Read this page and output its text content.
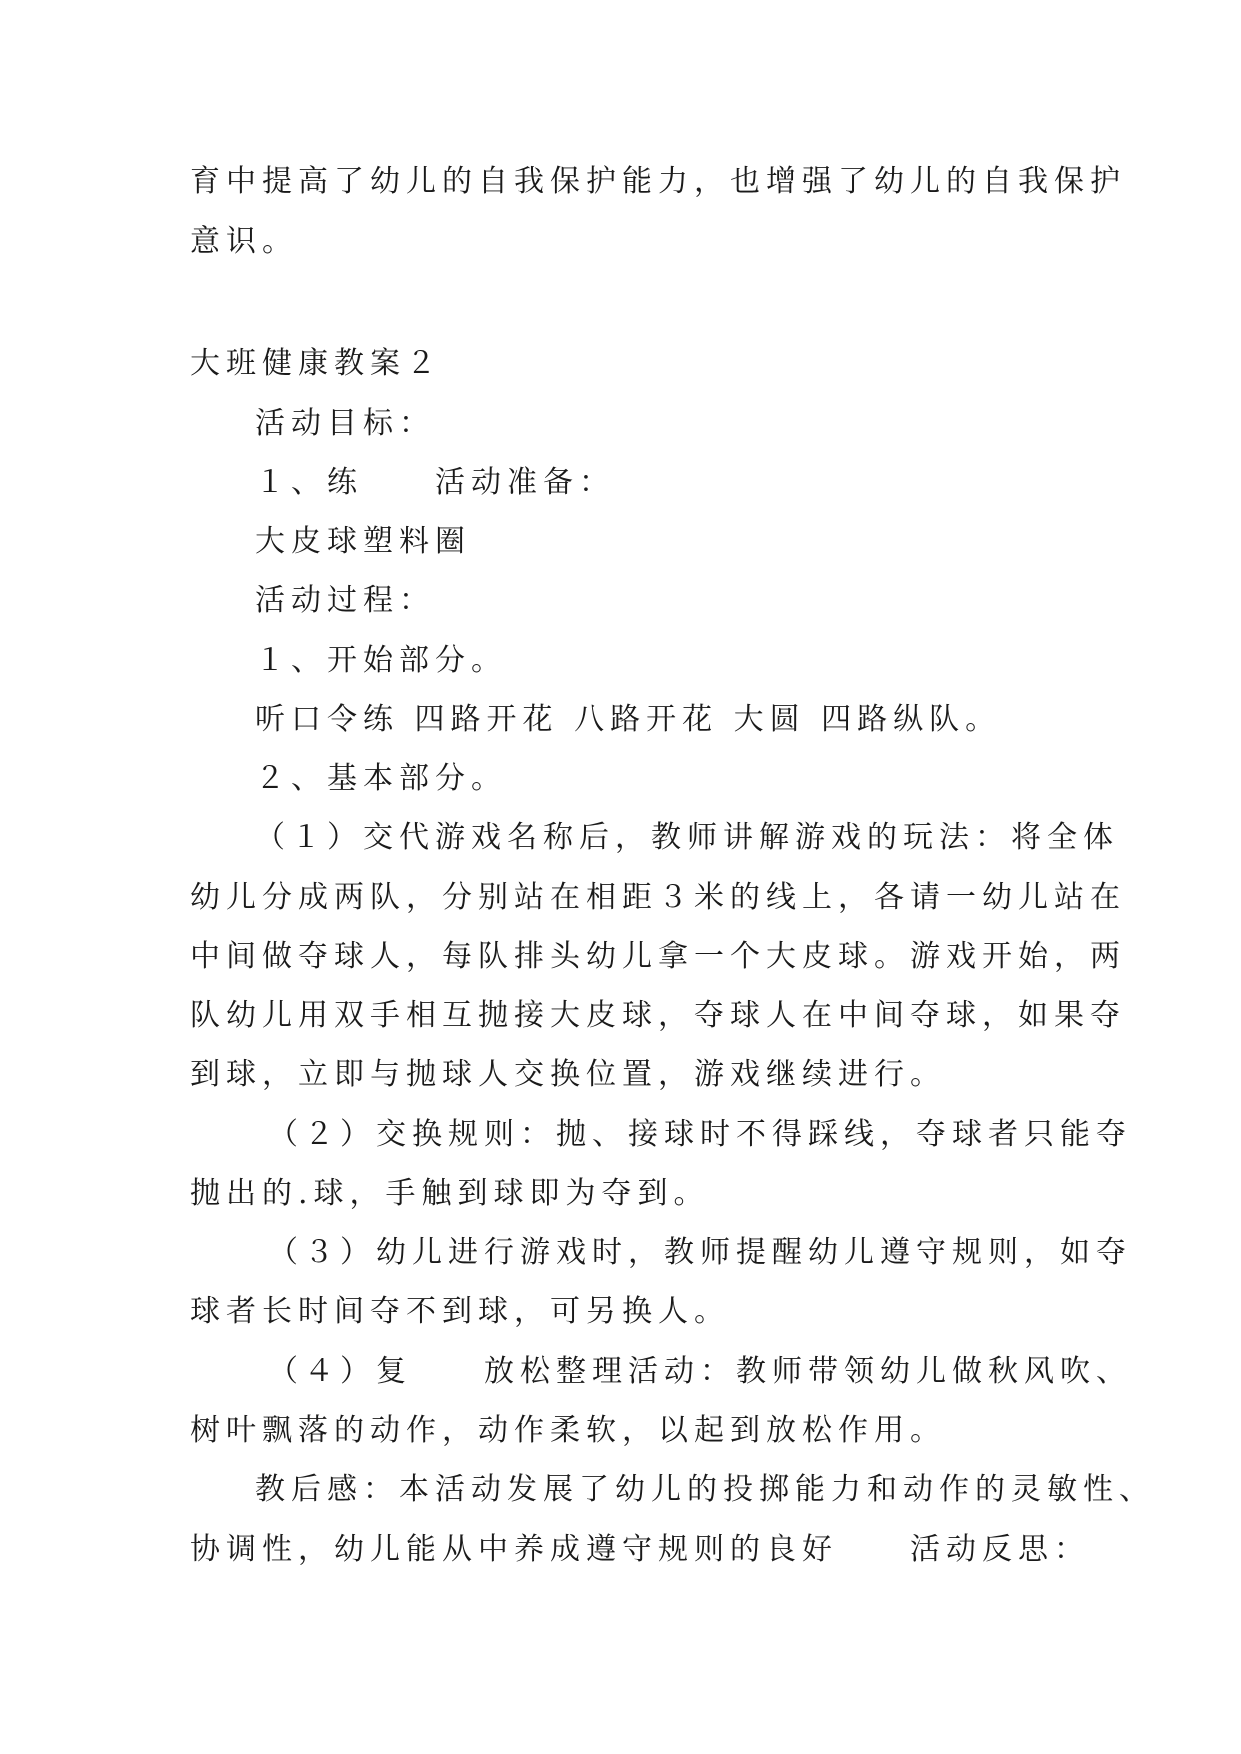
育中提高了幼儿的自我保护能力，也增强了幼儿的自我保护
意识。
大班健康教案２
活动目标：
１、练　　活动准备：
大皮球塑料圈
活动过程：
１、开始部分。
听口令练 四路开花 八路开花 大圆 四路纵队。
２、基本部分。
（１）交代游戏名称后，教师讲解游戏的玩法：将全体
幼儿分成两队，分别站在相距３米的线上，各请一幼儿站在
中间做夺球人，每队排头幼儿拿一个大皮球。游戏开始，两
队幼儿用双手相互抛接大皮球，夺球人在中间夺球，如果夺
到球，立即与抛球人交换位置，游戏继续进行。
（２）交换规则：抛、接球时不得踩线，夺球者只能夺
抛出的.球，手触到球即为夺到。
（３）幼儿进行游戏时，教师提醒幼儿遵守规则，如夺
球者长时间夺不到球，可另换人。
（４）复　　放松整理活动：教师带领幼儿做秋风吹、
树叶飘落的动作，动作柔软，以起到放松作用。
教后感：本活动发展了幼儿的投掷能力和动作的灵敏性、
协调性，幼儿能从中养成遵守规则的良好　　活动反思：
